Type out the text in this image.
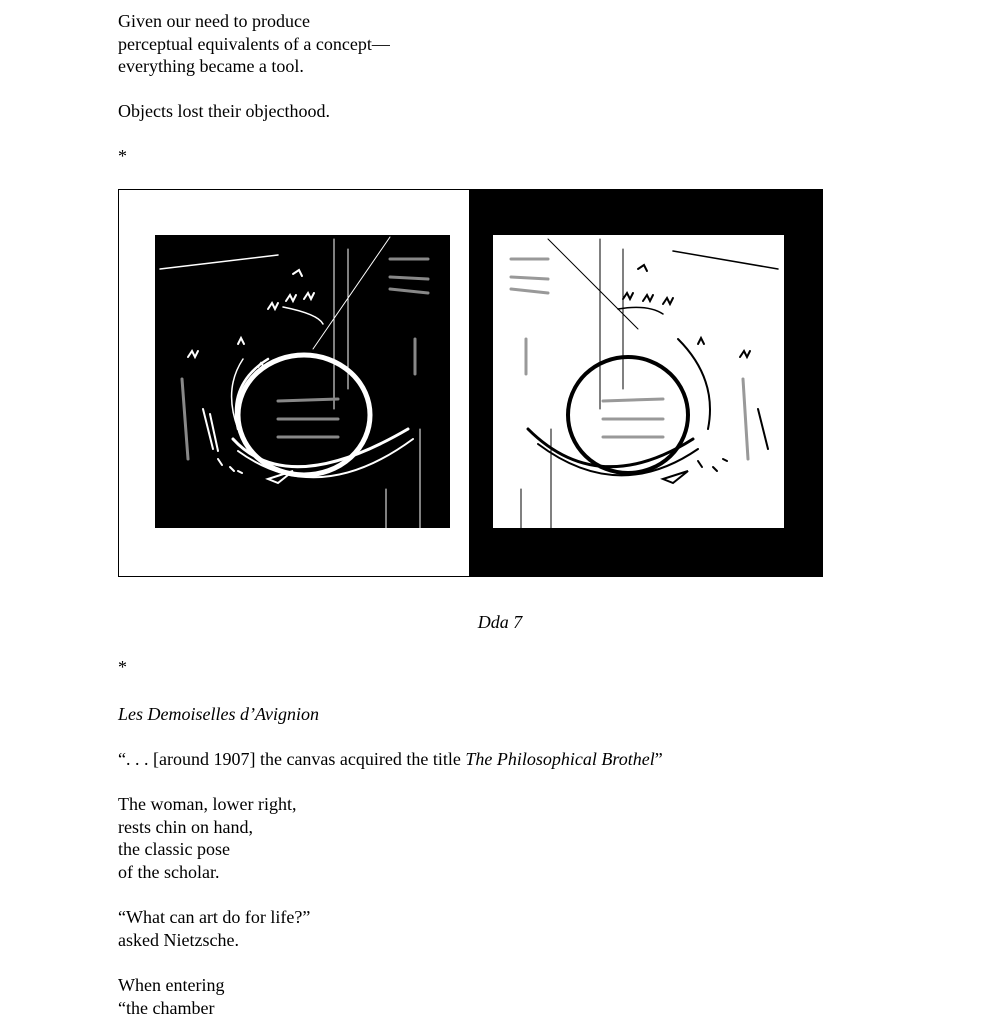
Given our need to produce
perceptual equivalents of a concept—
everything became a tool.
Objects lost their objecthood.
*
Dda 7
*
Les Demoiselles d’Avignion
“. . . [around 1907] the canvas acquired the title The Philosophical Brothel”
The woman, lower right,
rests chin on hand,
the classic pose
of the scholar.
“What can art do for life?”
asked Nietzsche.
When entering
“the chamber
